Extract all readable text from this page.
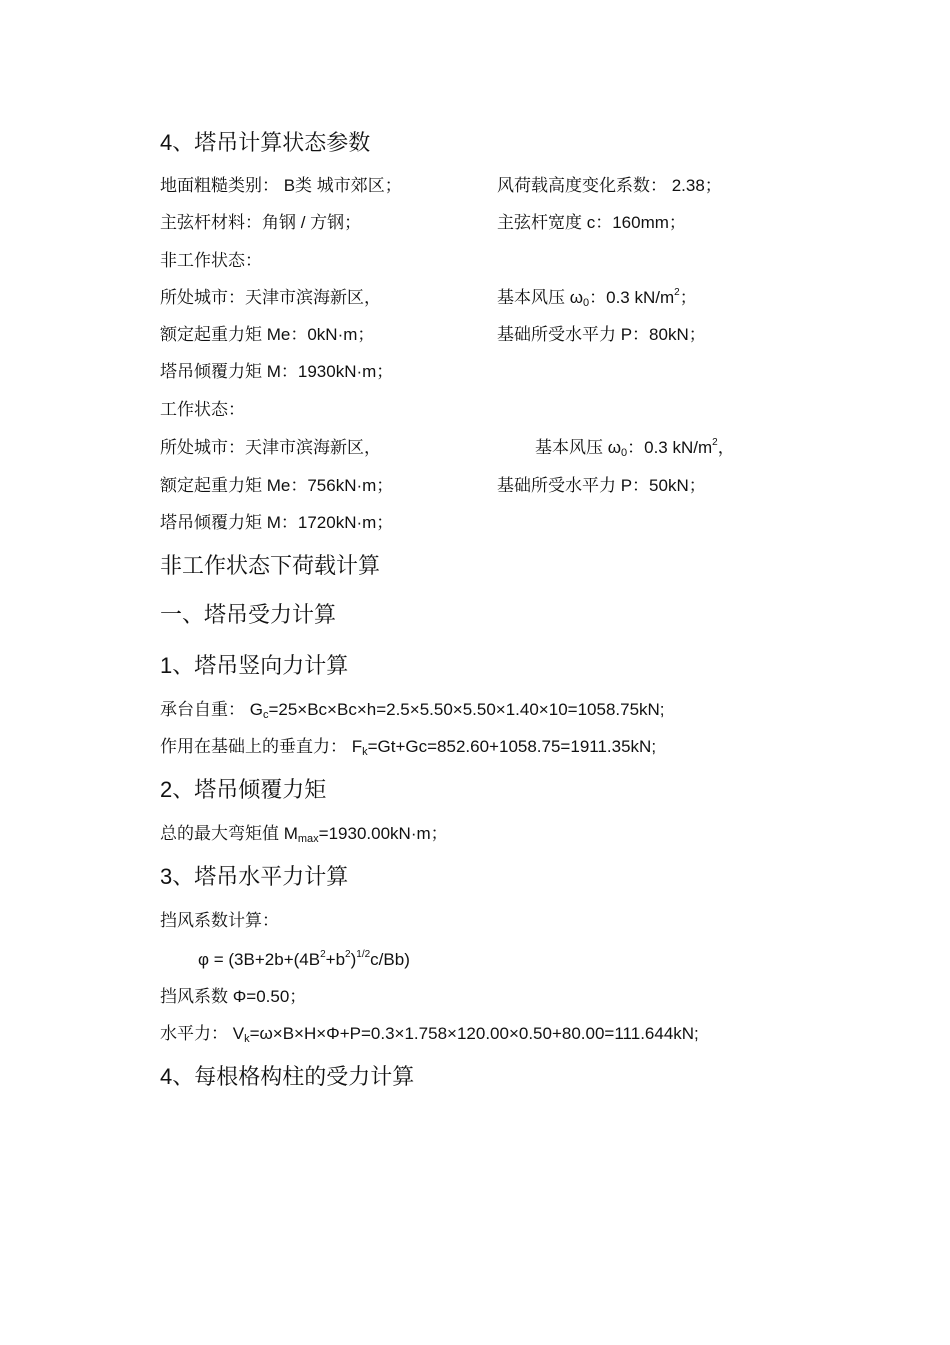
4、塔吊计算状态参数
地面粗糙类别： B类 城市郊区；	风荷载高度变化系数： 2.38；
主弦杆材料：角钢 / 方钢；	主弦杆宽度 c：160mm；
非工作状态：
所处城市：天津市滨海新区，	基本风压 $\omega_0$：0.3 $kN/m^2$；
额定起重力矩 Me：0kN·m；	基础所受水平力 P：80kN；
塔吊倾覆力矩 M：1930kN·m；
工作状态：
所处城市：天津市滨海新区，	基本风压 $\omega_0$：0.3 $kN/m^2$，
额定起重力矩 Me：756kN·m；	基础所受水平力 P：50kN；
塔吊倾覆力矩 M：1720kN·m；
非工作状态下荷载计算
一、塔吊受力计算
1、塔吊竖向力计算
承台自重： $G_c=25\times Bc\times Bc\times h=2.5\times 5.50\times 5.50\times 1.40\times 10=1058.75kN$;
作用在基础上的垂直力： $F_k=Gt+Gc=852.60+1058.75=1911.35kN$;
2、塔吊倾覆力矩
总的最大弯矩值 $M_{max}=1930.00kN\cdot m$；
3、塔吊水平力计算
挡风系数计算：
$\varphi = (3B+2b+(4B^2+b^2)^{1/2}c/Bb)$
挡风系数 Φ=0.50；
水平力： $V_k=\omega\times B\times H\times\Phi+P=0.3\times 1.758\times 120.00\times 0.50+80.00=111.644kN$;
4、每根格构柱的受力计算
